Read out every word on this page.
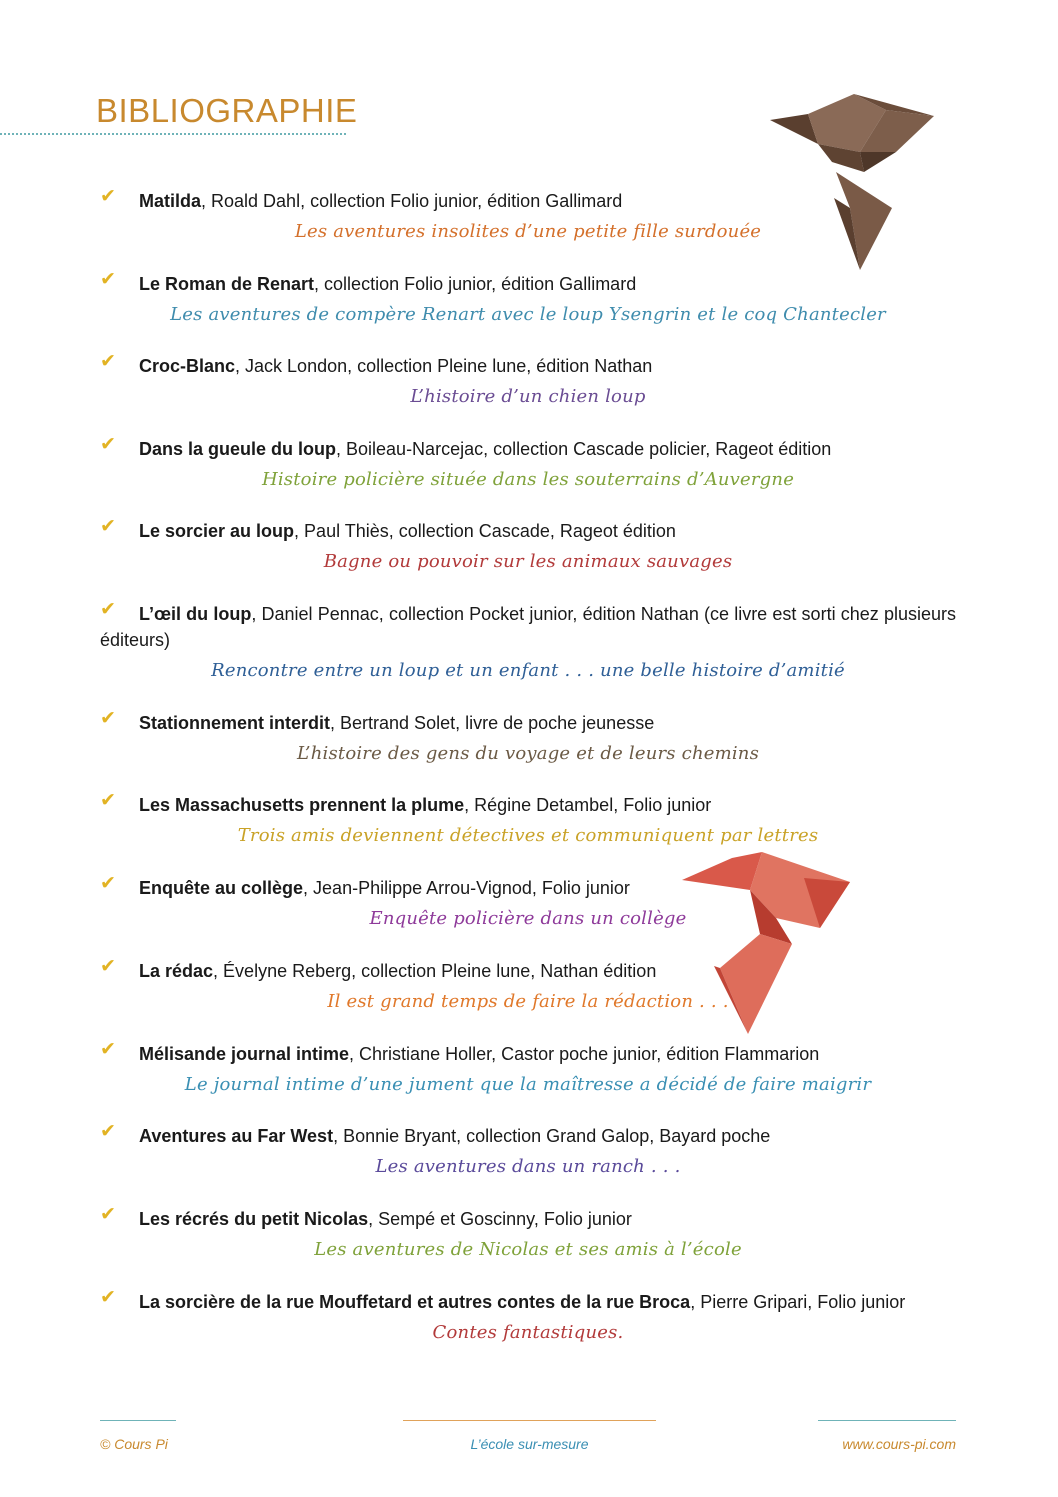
BIBLIOGRAPHIE
✔	Matilda, Roald Dahl, collection Folio junior, édition Gallimard

Les aventures insolites d’une petite fille surdouée

✔	Le Roman de Renart, collection Folio junior, édition Gallimard

Les aventures de compère Renart avec le loup Ysengrin et le coq Chantecler

✔	Croc-Blanc, Jack London, collection Pleine lune, édition Nathan

L’histoire d’un chien loup

✔	Dans la gueule du loup, Boileau-Narcejac, collection Cascade policier, Rageot édition

Histoire policière située dans les souterrains d’Auvergne

✔	Le sorcier au loup, Paul Thiès, collection Cascade, Rageot édition

Bagne ou pouvoir sur les animaux sauvages

✔	L’œil du loup, Daniel Pennac, collection Pocket junior, édition Nathan (ce livre est sorti chez plusieurs éditeurs)

Rencontre entre un loup et un enfant . . . une belle histoire d’amitié

✔	Stationnement interdit, Bertrand Solet, livre de poche jeunesse

L’histoire des gens du voyage et de leurs chemins

✔	Les Massachusetts prennent la plume, Régine Detambel, Folio junior

Trois amis deviennent détectives et communiquent par lettres

✔	Enquête au collège, Jean-Philippe Arrou-Vignod, Folio junior

Enquête policière dans un collège

✔	La rédac, Évelyne Reberg, collection Pleine lune, Nathan édition

Il est grand temps de faire la rédaction . . .

✔	Mélisande journal intime, Christiane Holler, Castor poche junior, édition Flammarion

Le journal intime d’une jument que la maîtresse a décidé de faire maigrir

✔	Aventures au Far West, Bonnie Bryant, collection Grand Galop, Bayard poche

Les aventures dans un ranch . . .

✔	Les récrés du petit Nicolas, Sempé et Goscinny, Folio junior

Les aventures de Nicolas et ses amis à l’école

✔	La sorcière de la rue Mouffetard et autres contes de la rue Broca, Pierre Gripari, Folio junior

Contes fantastiques.

© Cours Pi	L’école sur-mesure	www.cours-pi.com
